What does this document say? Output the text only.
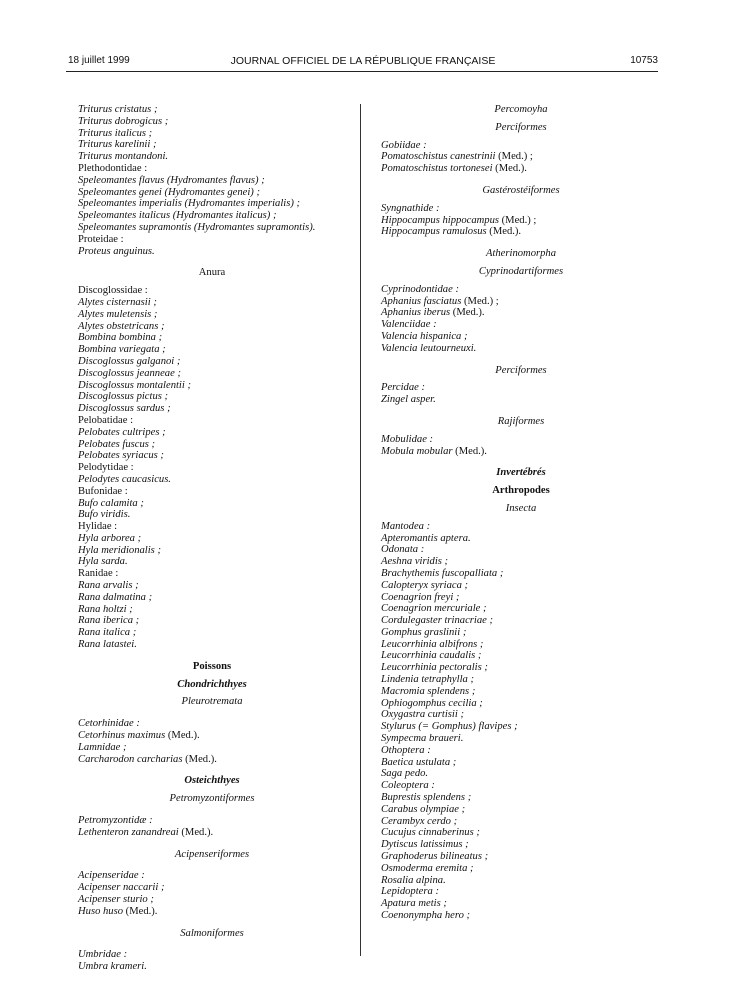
18 juillet 1999	JOURNAL OFFICIEL DE LA RÉPUBLIQUE FRANÇAISE	10753
Triturus cristatus ;
Triturus dobrogicus ;
Triturus italicus ;
Triturus karelinii ;
Triturus montandoni.
Plethodontidae :
Speleomantes flavus (Hydromantes flavus) ;
Speleomantes genei (Hydromantes genei) ;
Speleomantes imperialis (Hydromantes imperialis) ;
Speleomantes italicus (Hydromantes italicus) ;
Speleomantes supramontis (Hydromantes supramontis).
Proteidae :
Proteus anguinus.
Anura
Discoglossidae :
Alytes cisternasii ;
Alytes muletensis ;
Alytes obstetricans ;
Bombina bombina ;
Bombina variegata ;
Discoglossus galganoi ;
Discoglossus jeanneae ;
Discoglossus montalentii ;
Discoglossus pictus ;
Discoglossus sardus ;
Pelobatidae :
Pelobates cultripes ;
Pelobates fuscus ;
Pelobates syriacus ;
Pelodytidae :
Pelodytes caucasicus.
Bufonidae :
Bufo calamita ;
Bufo viridis.
Hylidae :
Hyla arborea ;
Hyla meridionalis ;
Hyla sarda.
Ranidae :
Rana arvalis ;
Rana dalmatina ;
Rana holtzi ;
Rana iberica ;
Rana italica ;
Rana latastei.
Poissons
Chondrichthyes
Pleurotremata
Cetorhinidae :
Cetorhinus maximus (Med.).
Lamnidae ;
Carcharodon carcharias (Med.).
Osteichthyes
Petromyzontiformes
Petromyzontidæ :
Lethenteron zanandreai (Med.).
Acipenseriformes
Acipenseridae :
Acipenser naccarii ;
Acipenser sturio ;
Huso huso (Med.).
Salmoniformes
Umbridae :
Umbra krameri.
Percomoyha
Perciformes
Gobiidae :
Pomatoschistus canestrinii (Med.) ;
Pomatoschistus tortonesei (Med.).
Gastérostéiformes
Syngnathide :
Hippocampus hippocampus (Med.) ;
Hippocampus ramulosus (Med.).
Atherinomorpha
Cyprinodartiformes
Cyprinodontidae :
Aphanius fasciatus (Med.) ;
Aphanius iberus (Med.).
Valenciidae :
Valencia hispanica ;
Valencia leutourneuxi.
Perciformes
Percidae :
Zingel asper.
Rajiformes
Mobulidae :
Mobula mobular (Med.).
Invertébrés
Arthropodes
Insecta
Mantodea :
Apteromantis aptera.
Odonata :
Aeshna viridis ;
Brachythemis fuscopalliata ;
Calopteryx syriaca ;
Coenagrion freyi ;
Coenagrion mercuriale ;
Cordulegaster trinacriae ;
Gomphus graslinii ;
Leucorrhinia albifrons ;
Leucorrhinia caudalis ;
Leucorrhinia pectoralis ;
Lindenia tetraphylla ;
Macromia splendens ;
Ophiogomphus cecilia ;
Oxygastra curtisii ;
Stylurus (= Gomphus) flavipes ;
Sympecma braueri.
Othoptera :
Baetica ustulata ;
Saga pedo.
Coleoptera :
Buprestis splendens ;
Carabus olympiae ;
Cerambyx cerdo ;
Cucujus cinnaberinus ;
Dytiscus latissimus ;
Graphoderus bilineatus ;
Osmoderma eremita ;
Rosalia alpina.
Lepidoptera :
Apatura metis ;
Coenonympha hero ;
